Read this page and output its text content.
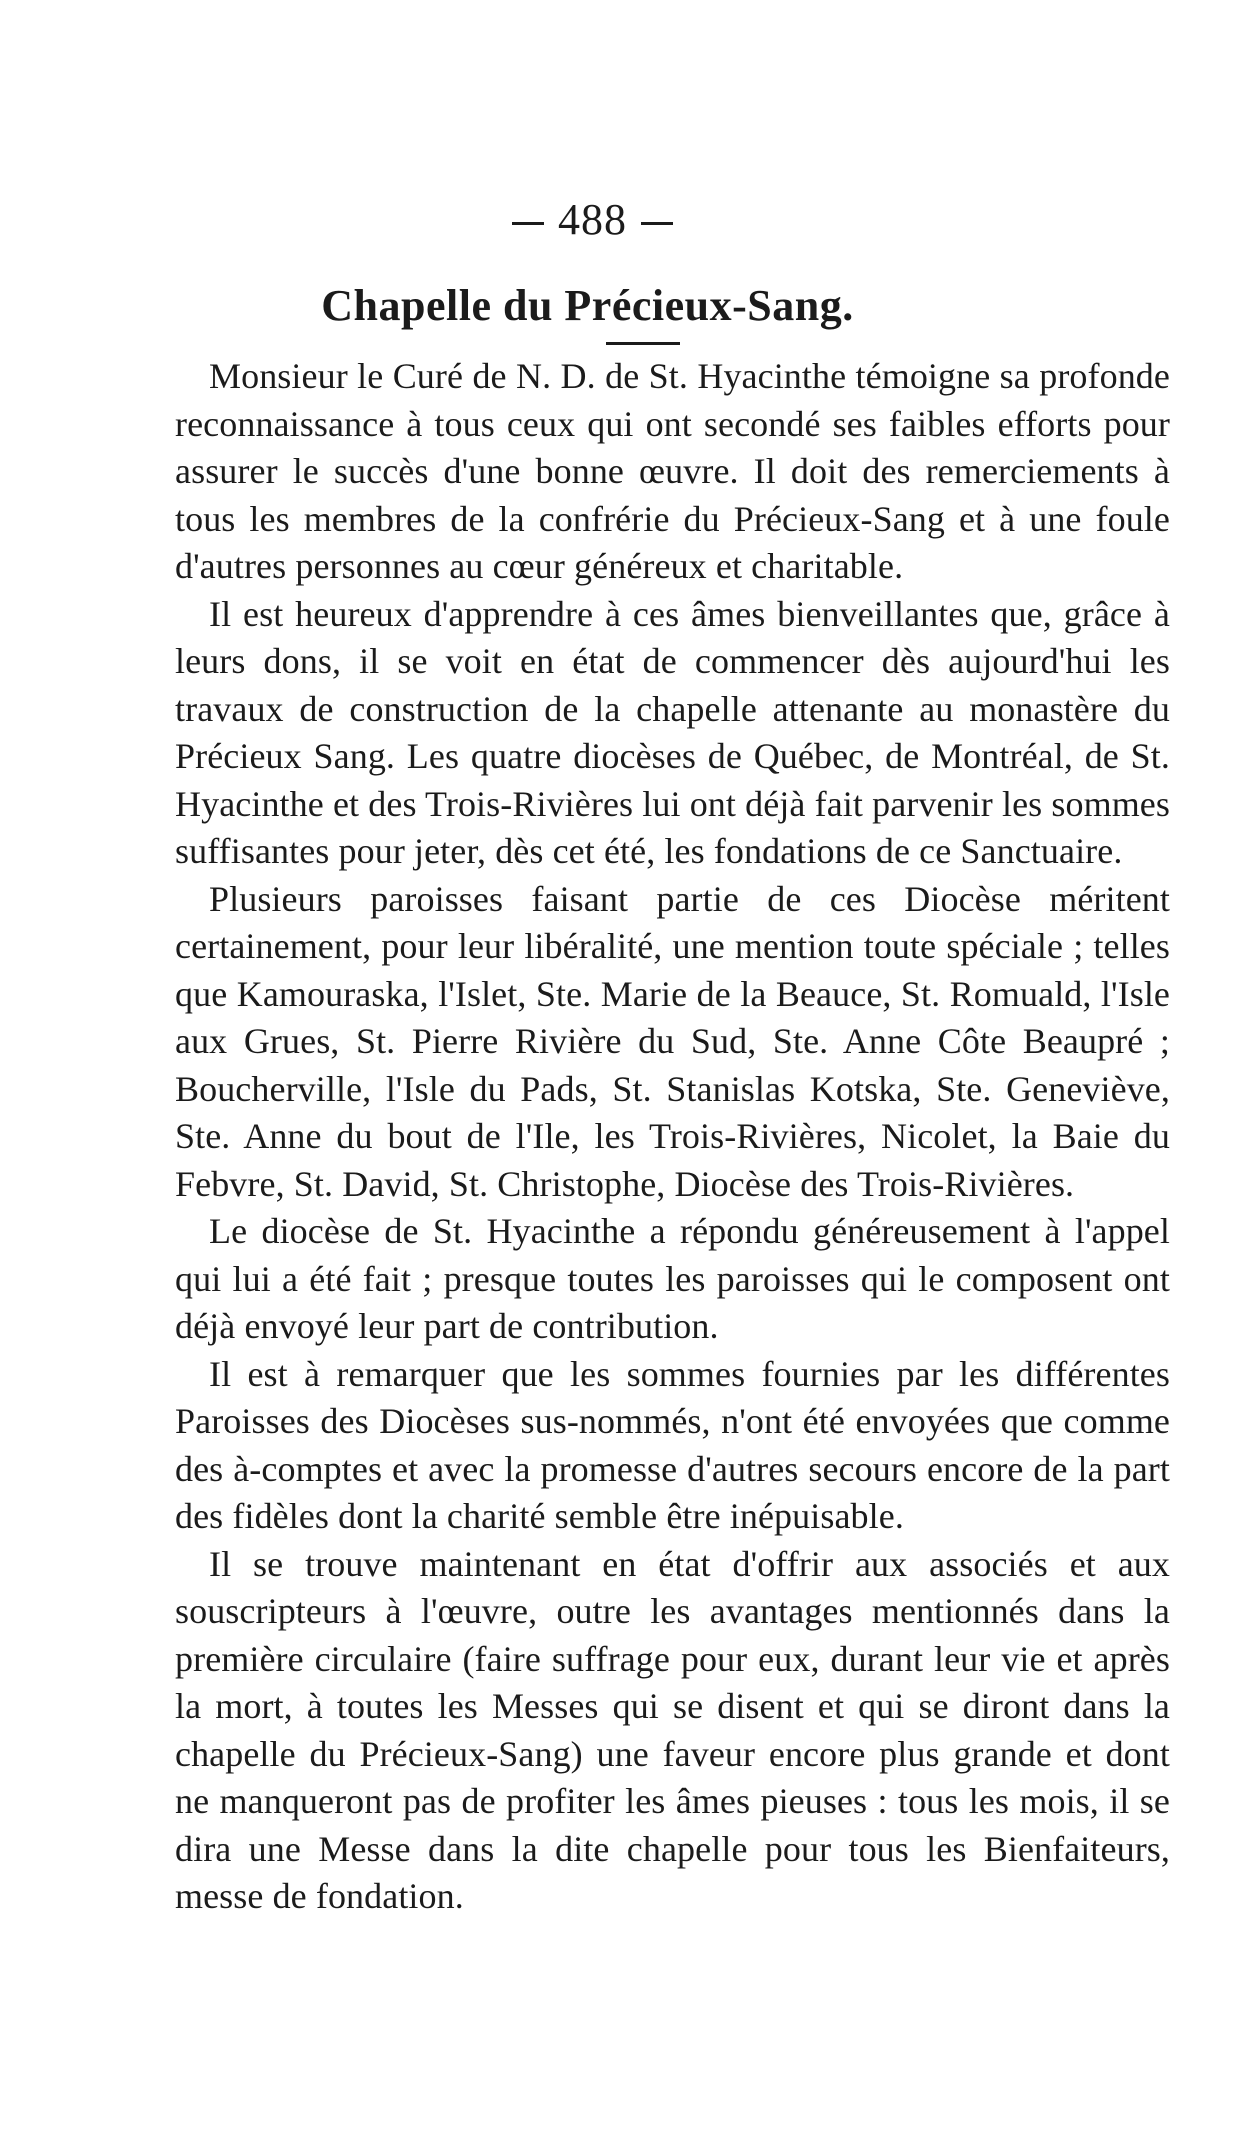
488
Chapelle du Précieux-Sang.

Monsieur le Curé de N. D. de St. Hyacinthe témoigne sa profonde reconnaissance à tous ceux qui ont secondé ses faibles efforts pour assurer le succès d'une bonne œuvre. Il doit des remerciements à tous les membres de la confrérie du Précieux-Sang et à une foule d'autres personnes au cœur généreux et charitable.

Il est heureux d'apprendre à ces âmes bienveillantes que, grâce à leurs dons, il se voit en état de commencer dès aujourd'hui les travaux de construction de la chapelle attenante au monastère du Précieux Sang. Les quatre diocèses de Québec, de Montréal, de St. Hyacinthe et des Trois-Rivières lui ont déjà fait parvenir les sommes suffisantes pour jeter, dès cet été, les fondations de ce Sanctuaire.

Plusieurs paroisses faisant partie de ces Diocèse méritent certainement, pour leur libéralité, une mention toute spéciale ; telles que Kamouraska, l'Islet, Ste. Marie de la Beauce, St. Romuald, l'Isle aux Grues, St. Pierre Rivière du Sud, Ste. Anne Côte Beaupré ; Boucherville, l'Isle du Pads, St. Stanislas Kotska, Ste. Geneviève, Ste. Anne du bout de l'Ile, les Trois-Rivières, Nicolet, la Baie du Febvre, St. David, St. Christophe, Diocèse des Trois-Rivières.

Le diocèse de St. Hyacinthe a répondu généreusement à l'appel qui lui a été fait ; presque toutes les paroisses qui le composent ont déjà envoyé leur part de contribution.

Il est à remarquer que les sommes fournies par les différentes Paroisses des Diocèses sus-nommés, n'ont été envoyées que comme des à-comptes et avec la promesse d'autres secours encore de la part des fidèles dont la charité semble être inépuisable.

Il se trouve maintenant en état d'offrir aux associés et aux souscripteurs à l'œuvre, outre les avantages mentionnés dans la première circulaire (faire suffrage pour eux, durant leur vie et après la mort, à toutes les Messes qui se disent et qui se diront dans la chapelle du Précieux-Sang) une faveur encore plus grande et dont ne manqueront pas de profiter les âmes pieuses : tous les mois, il se dira une Messe dans la dite chapelle pour tous les Bienfaiteurs, messe de fondation.
